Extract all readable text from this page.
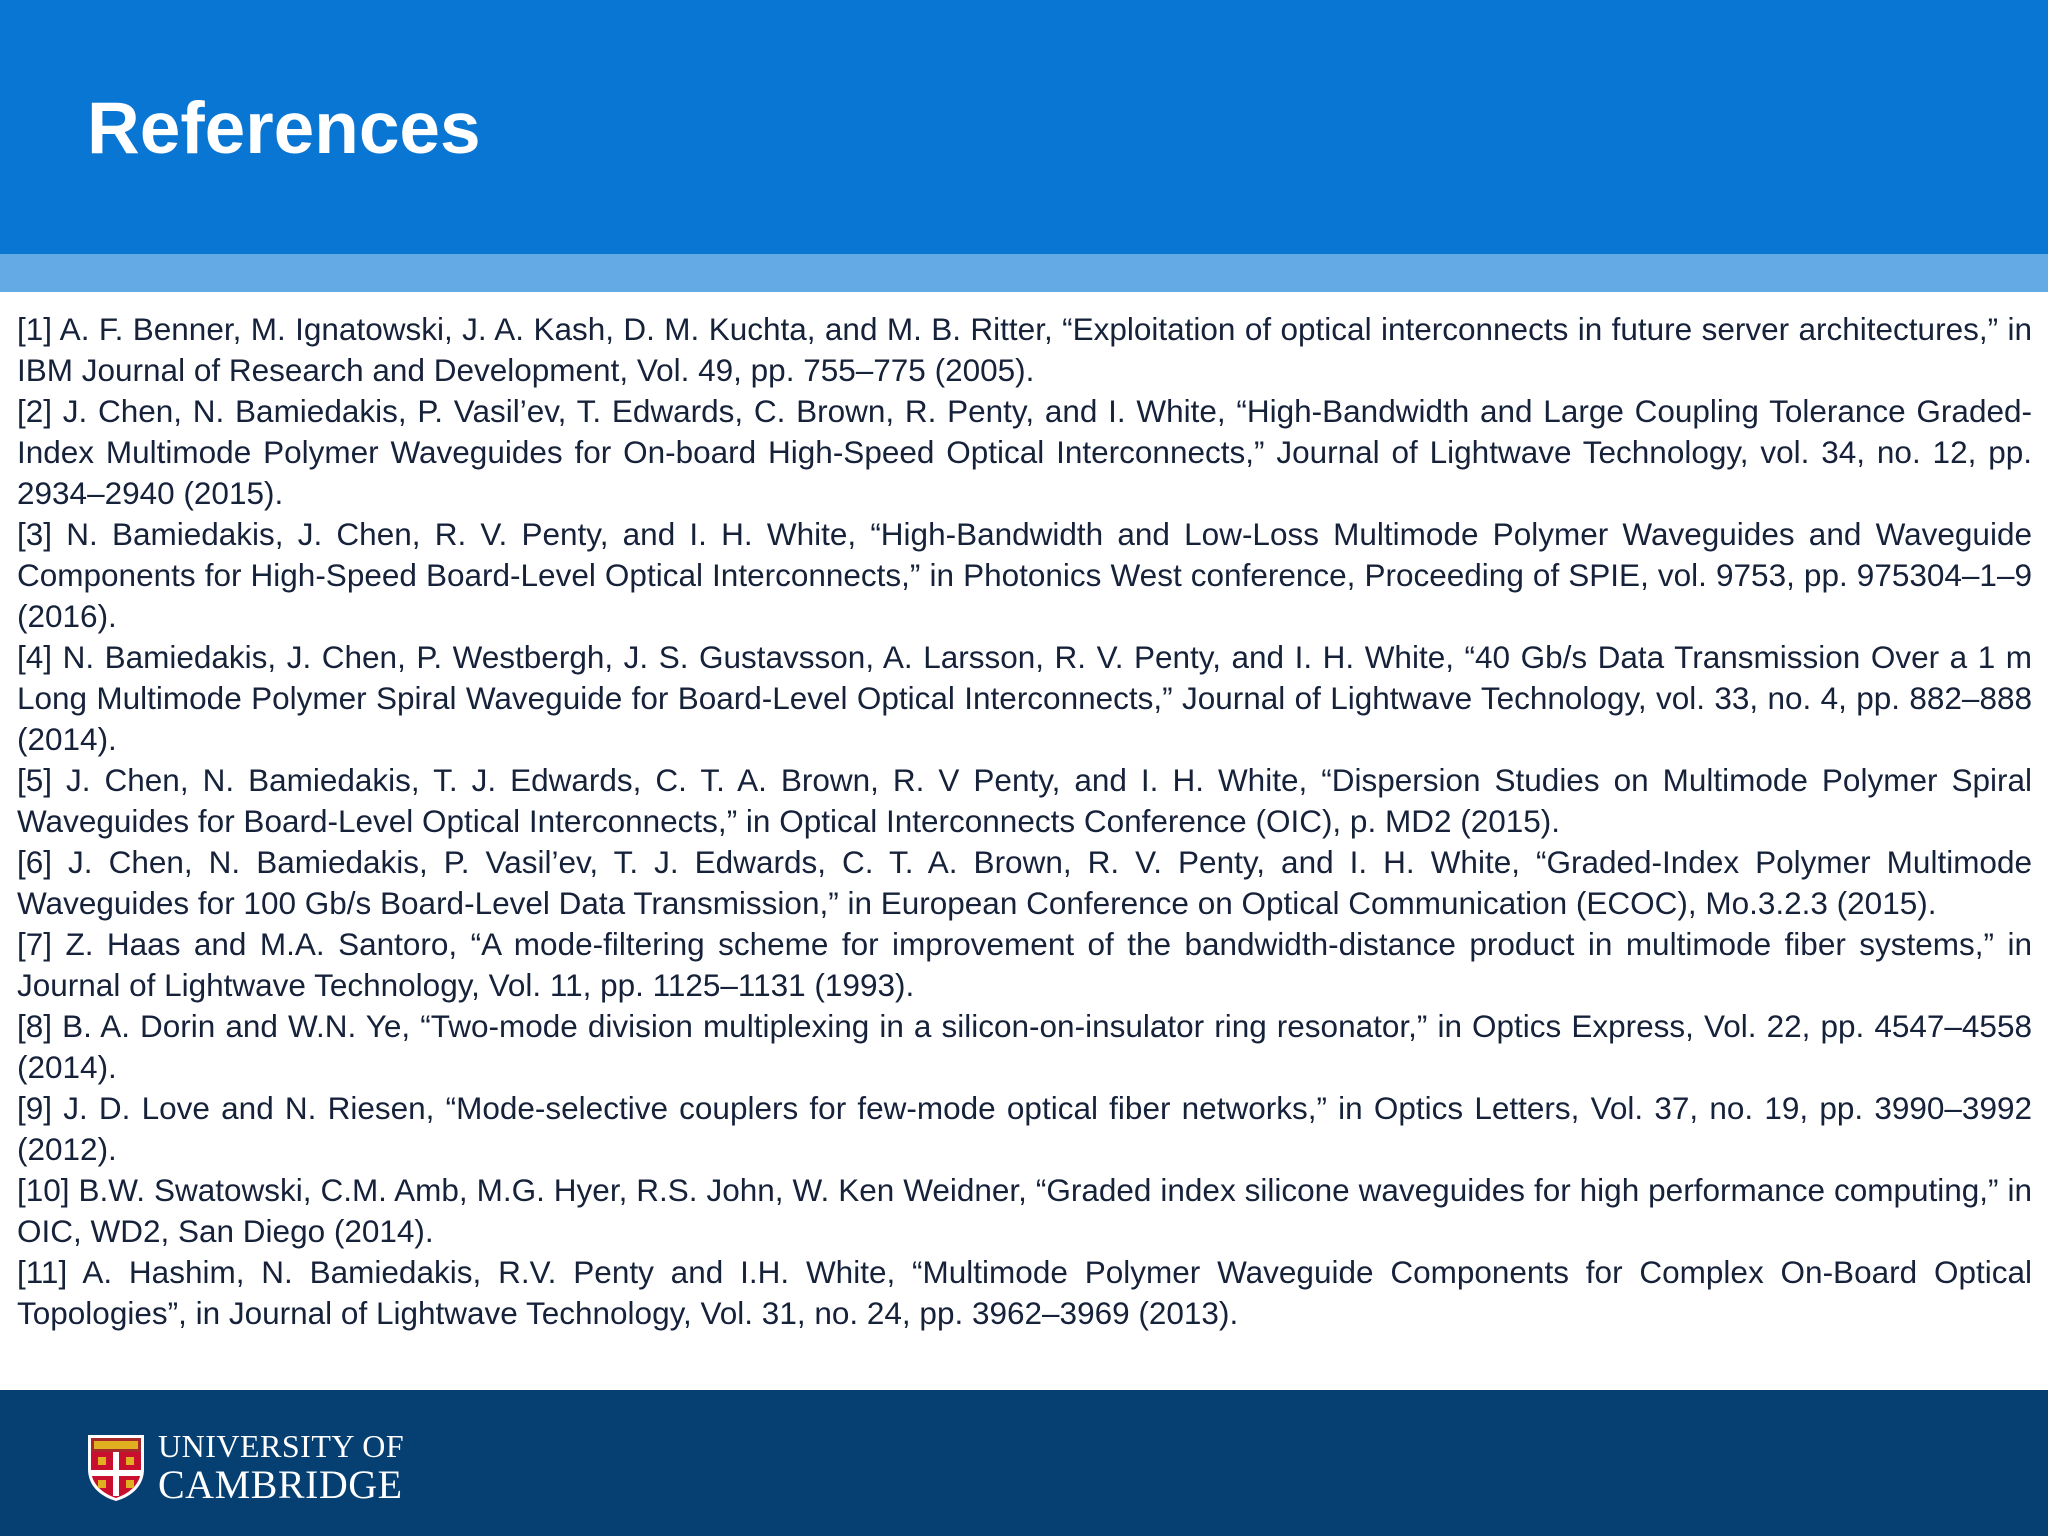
References

[1] A. F. Benner, M. Ignatowski, J. A. Kash, D. M. Kuchta, and M. B. Ritter, “Exploitation of optical interconnects in future server architectures,” in IBM Journal of Research and Development, Vol. 49, pp. 755–775 (2005).

[2] J. Chen, N. Bamiedakis, P. Vasil’ev, T. Edwards, C. Brown, R. Penty, and I. White, “High-Bandwidth and Large Coupling Tolerance Graded-Index Multimode Polymer Waveguides for On-board High-Speed Optical Interconnects,” Journal of Lightwave Technology, vol. 34, no. 12, pp. 2934–2940 (2015).

[3] N. Bamiedakis, J. Chen, R. V. Penty, and I. H. White, “High-Bandwidth and Low-Loss Multimode Polymer Waveguides and Waveguide Components for High-Speed Board-Level Optical Interconnects,” in Photonics West conference, Proceeding of SPIE, vol. 9753, pp. 975304–1–9 (2016).

[4] N. Bamiedakis, J. Chen, P. Westbergh, J. S. Gustavsson, A. Larsson, R. V. Penty, and I. H. White, “40 Gb/s Data Transmission Over a 1 m Long Multimode Polymer Spiral Waveguide for Board-Level Optical Interconnects,” Journal of Lightwave Technology, vol. 33, no. 4, pp. 882–888 (2014).

[5] J. Chen, N. Bamiedakis, T. J. Edwards, C. T. A. Brown, R. V Penty, and I. H. White, “Dispersion Studies on Multimode Polymer Spiral Waveguides for Board-Level Optical Interconnects,” in Optical Interconnects Conference (OIC), p. MD2 (2015).

[6] J. Chen, N. Bamiedakis, P. Vasil’ev, T. J. Edwards, C. T. A. Brown, R. V. Penty, and I. H. White, “Graded-Index Polymer Multimode Waveguides for 100 Gb/s Board-Level Data Transmission,” in European Conference on Optical Communication (ECOC), Mo.3.2.3 (2015).

[7] Z. Haas and M.A. Santoro, “A mode-filtering scheme for improvement of the bandwidth-distance product in multimode fiber systems,” in Journal of Lightwave Technology, Vol. 11, pp. 1125–1131 (1993).

[8] B. A. Dorin and W.N. Ye, “Two-mode division multiplexing in a silicon-on-insulator ring resonator,” in Optics Express, Vol. 22, pp. 4547–4558 (2014).

[9] J. D. Love and N. Riesen, “Mode-selective couplers for few-mode optical fiber networks,” in Optics Letters, Vol. 37, no. 19, pp. 3990–3992 (2012).

[10] B.W. Swatowski, C.M. Amb, M.G. Hyer, R.S. John, W. Ken Weidner, “Graded index silicone waveguides for high performance computing,” in OIC, WD2, San Diego (2014).

[11] A. Hashim, N. Bamiedakis, R.V. Penty and I.H. White, “Multimode Polymer Waveguide Components for Complex On-Board Optical Topologies”, in Journal of Lightwave Technology, Vol. 31, no. 24, pp. 3962–3969 (2013).

UNIVERSITY OF
CAMBRIDGE
